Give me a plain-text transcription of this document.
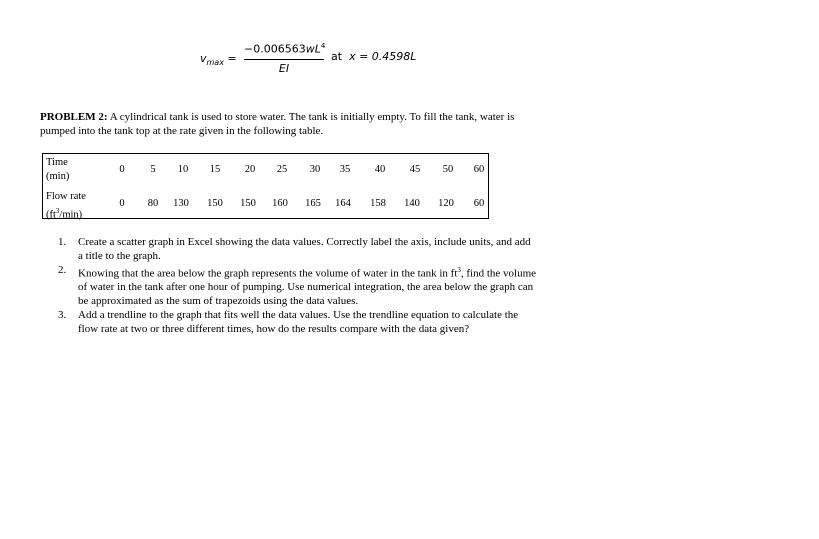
$v_{max}$ =
$-0.006563wL^4$
EI
at x = 0.4598L
PROBLEM 2: A cylindrical tank is used to store water. The tank is initially empty. To fill the tank, water is pumped into the tank top at the rate given in the following table.
Time
(min)
0	5	10	15	20	25	30	35	40	45	50	60
Flow rate
$(ft^3/\min)$
0	80	130	150	150	160	165	164	158	140	120	60
1. Create a scatter graph in Excel showing the data values. Correctly label the axis, include units, and add a title to the graph.
2. Knowing that the area below the graph represents the volume of water in the tank in $ft^3$, find the volume of water in the tank after one hour of pumping. Use numerical integration, the area below the graph can be approximated as the sum of trapezoids using the data values.
3. Add a trendline to the graph that fits well the data values. Use the trendline equation to calculate the flow rate at two or three different times, how do the results compare with the data given?
